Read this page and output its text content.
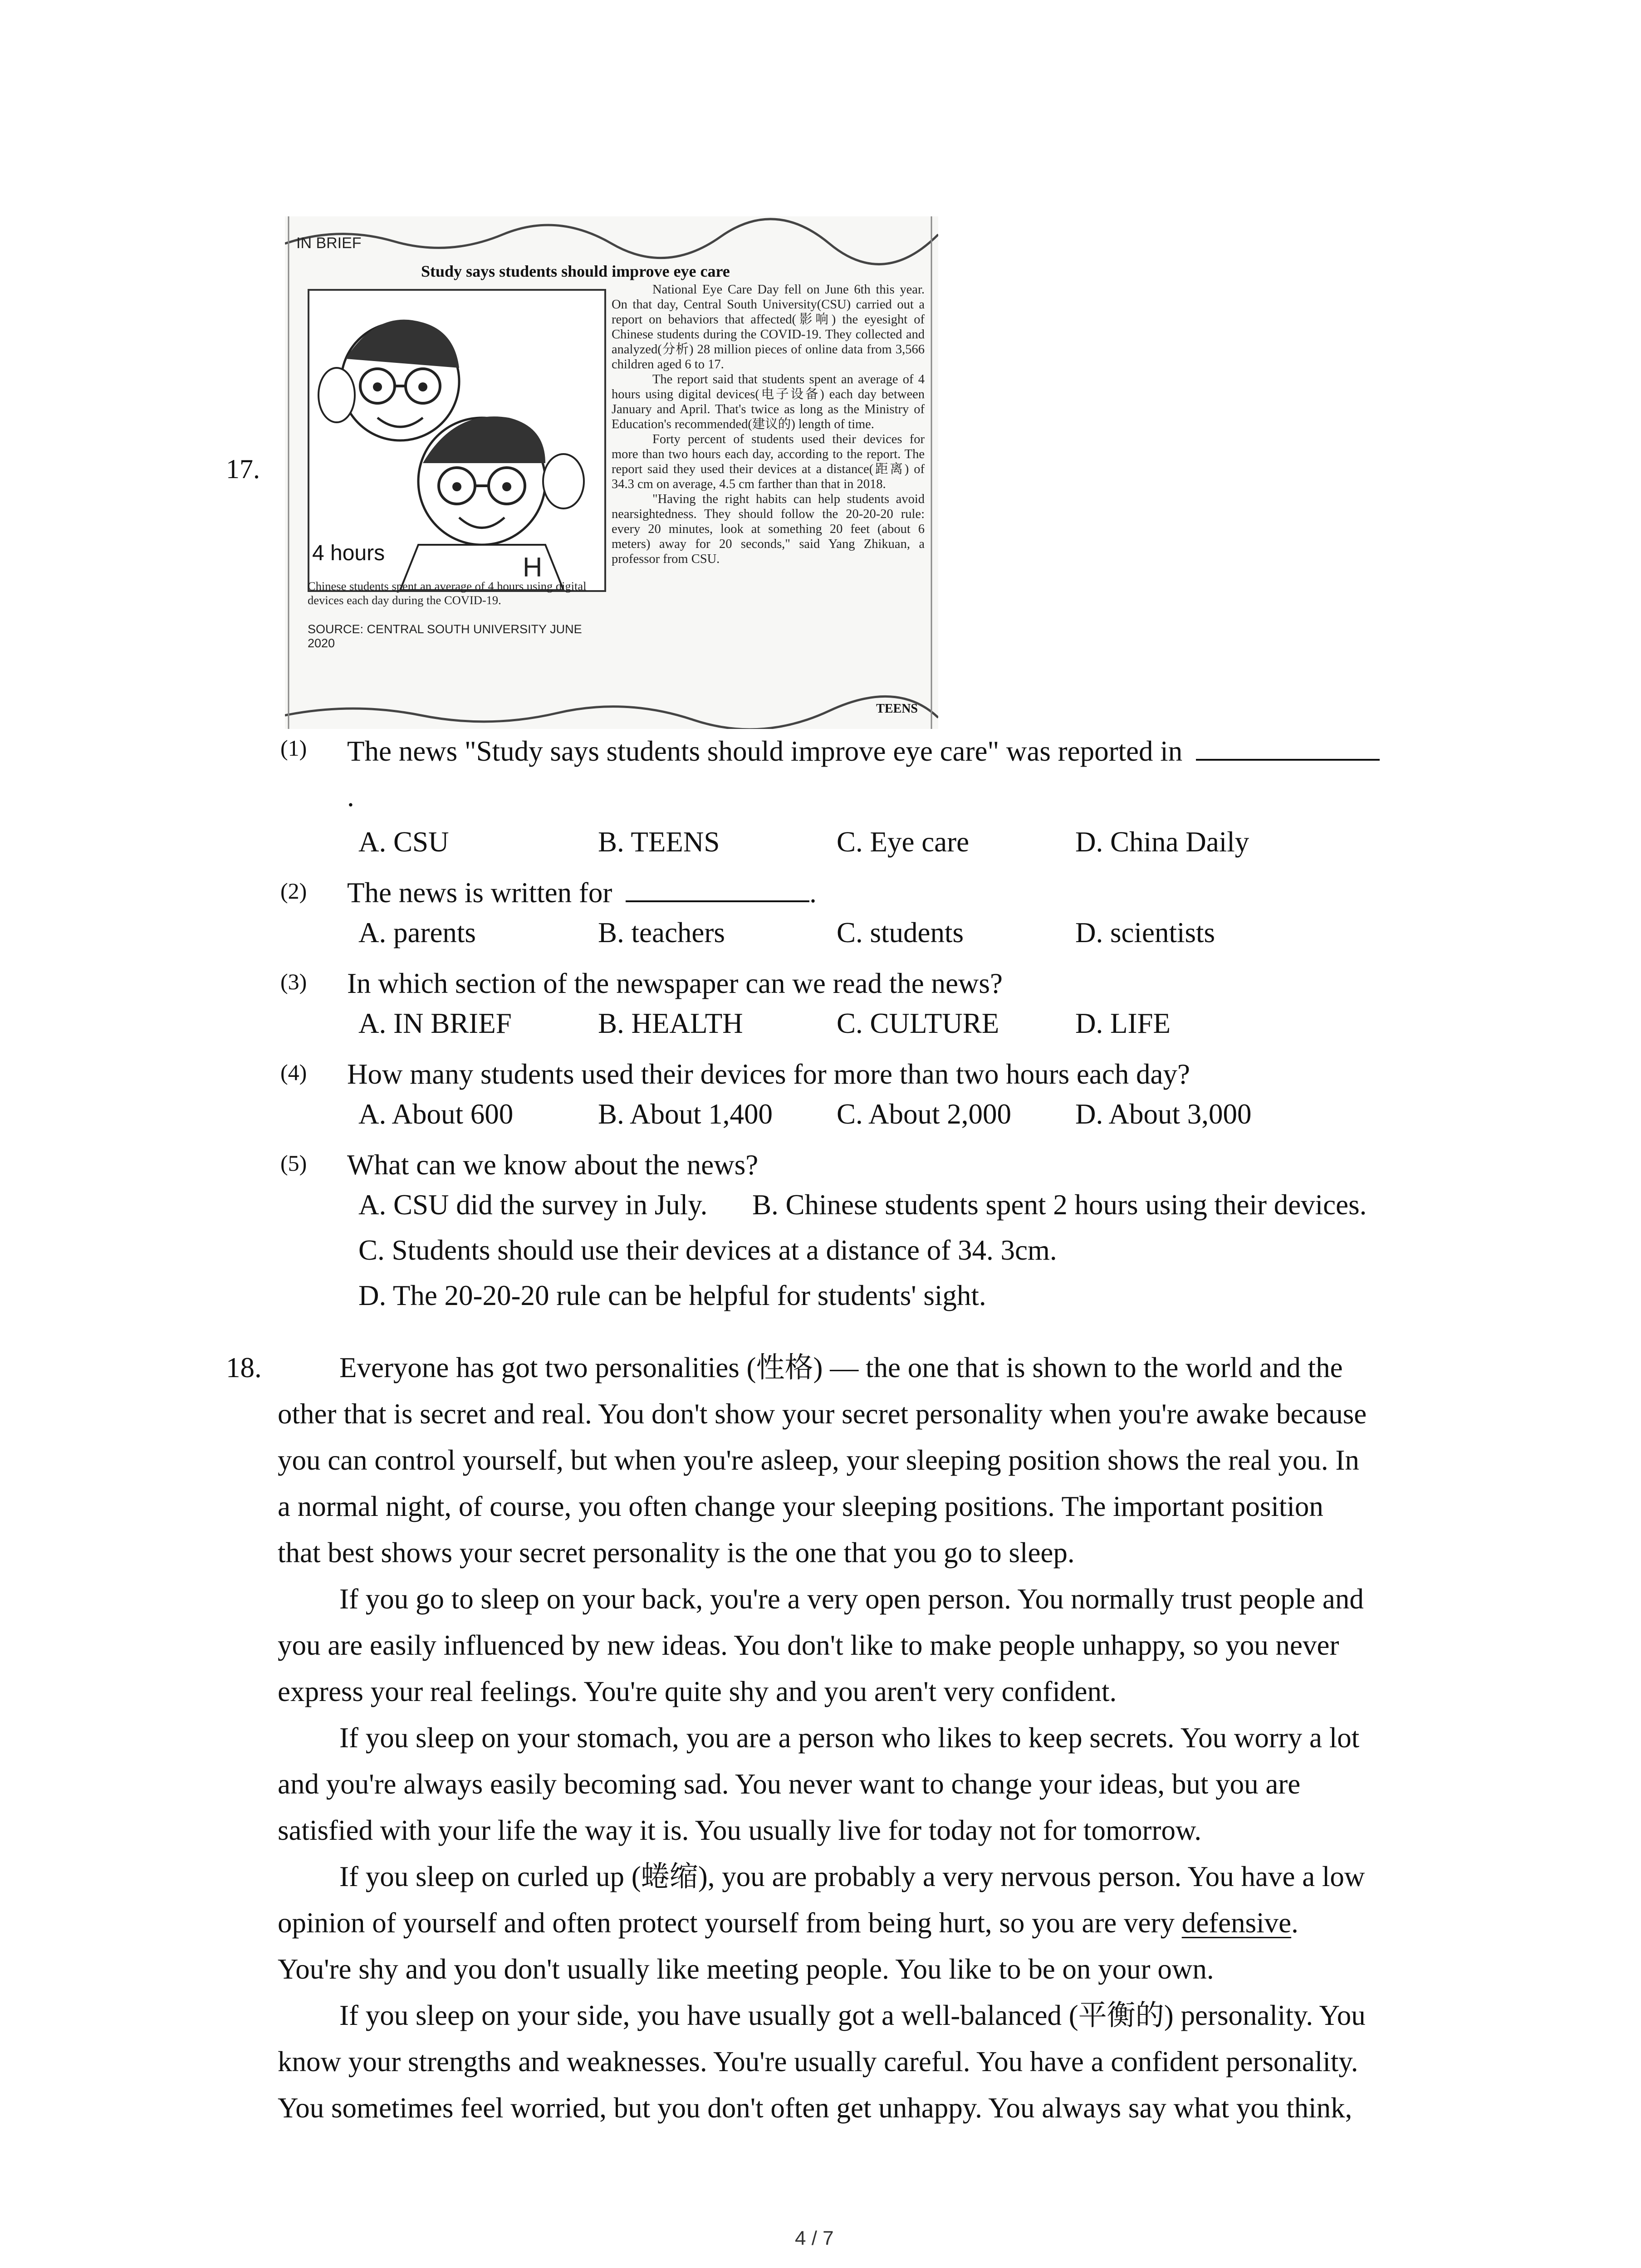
17.
IN BRIEF
Study says students should improve eye care
H
4 hours
Chinese students spent an average of 4 hours using digital devices each day during the COVID-19.
SOURCE: CENTRAL SOUTH UNIVERSITY JUNE 2020

National Eye Care Day fell on June 6th this year. On that day, Central South University(CSU) carried out a report on behaviors that affected(影响) the eyesight of Chinese students during the COVID-19. They collected and analyzed(分析) 28 million pieces of online data from 3,566 children aged 6 to 17.

The report said that students spent an average of 4 hours using digital devices(电子设备) each day between January and April. That's twice as long as the Ministry of Education's recommended(建议的) length of time.

Forty percent of students used their devices for more than two hours each day, according to the report. The report said they used their devices at a distance(距离) of 34.3 cm on average, 4.5 cm farther than that in 2018.

"Having the right habits can help students avoid nearsightedness. They should follow the 20-20-20 rule: every 20 minutes, look at something 20 feet (about 6 meters) away for 20 seconds," said Yang Zhikuan, a professor from CSU.

TEENS
(1) The news "Study says students should improve eye care" was reported in
.
A. CSU	B. TEENS	C. Eye care	D. China Daily
(2) The news is written for	.
A. parents	B. teachers	C. students	D. scientists
(3) In which section of the newspaper can we read the news?
A. IN BRIEF	B. HEALTH	C. CULTURE	D. LIFE
(4) How many students used their devices for more than two hours each day?
A. About 600	B. About 1,400 C. About 2,000 D. About 3,000
(5) What can we know about the news?
A. CSU did the survey in July. B. Chinese students spent 2 hours using their devices.
C. Students should use their devices at a distance of 34. 3cm.
D. The 20-20-20 rule can be helpful for students' sight.
18.	Everyone has got two personalities (性格) — the one that is shown to the world and the
other that is secret and real. You don't show your secret personality when you're awake because
you can control yourself, but when you're asleep, your sleeping position shows the real you. In
a normal night, of course, you often change your sleeping positions. The important position
that best shows your secret personality is the one that you go to sleep.
If you go to sleep on your back, you're a very open person. You normally trust people and
you are easily influenced by new ideas. You don't like to make people unhappy, so you never
express your real feelings. You're quite shy and you aren't very confident.
If you sleep on your stomach, you are a person who likes to keep secrets. You worry a lot
and you're always easily becoming sad. You never want to change your ideas, but you are
satisfied with your life the way it is. You usually live for today not for tomorrow.
If you sleep on curled up (蜷缩), you are probably a very nervous person. You have a low
opinion of yourself and often protect yourself from being hurt, so you are very defensive.
You're shy and you don't usually like meeting people. You like to be on your own.
If you sleep on your side, you have usually got a well-balanced (平衡的) personality. You
know your strengths and weaknesses. You're usually careful. You have a confident personality.
You sometimes feel worried, but you don't often get unhappy. You always say what you think,
4 / 7
